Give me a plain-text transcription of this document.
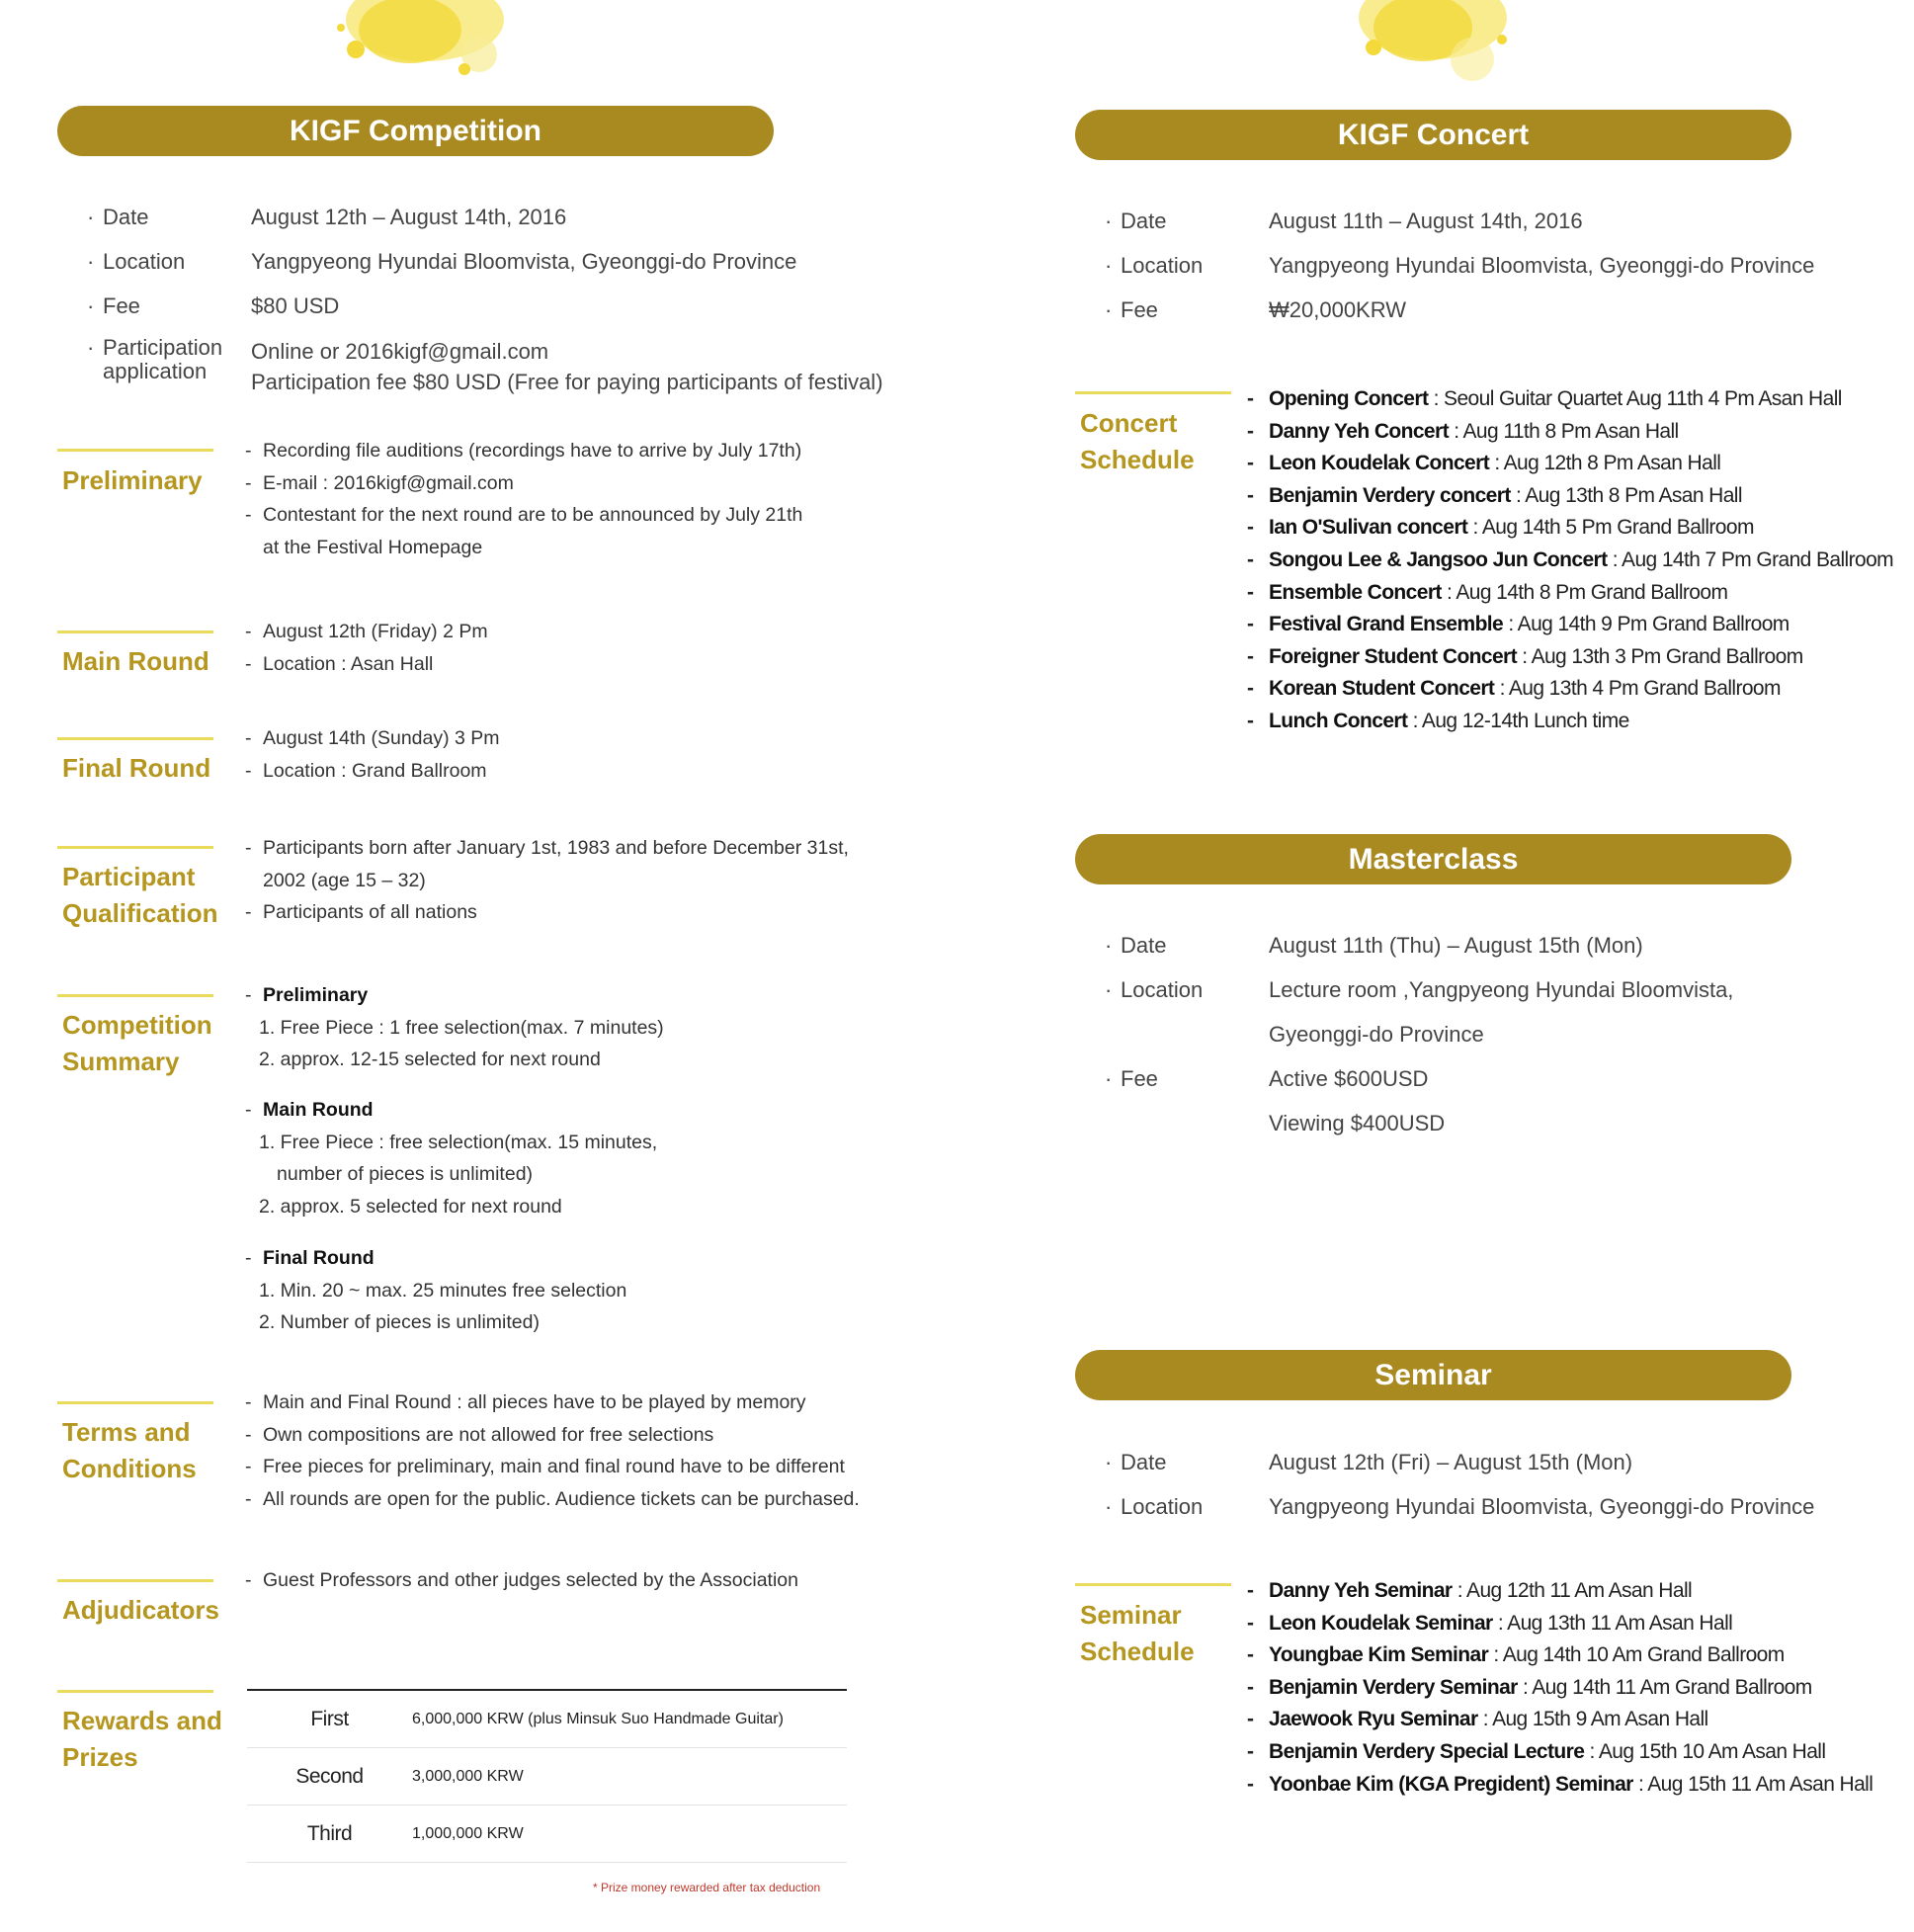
KIGF Competition
· Date	August 12th – August 14th, 2016
· Location	Yangpyeong Hyundai Bloomvista, Gyeonggi-do Province
· Fee	$80 USD
· Participation
application
Online or 2016kigf@gmail.com
Participation fee $80 USD (Free for paying participants of festival)
Preliminary
- Recording file auditions (recordings have to arrive by July 17th)
- E-mail : 2016kigf@gmail.com
- Contestant for the next round are to be announced by July 21th
at the Festival Homepage
Main Round
- August 12th (Friday) 2 Pm
- Location : Asan Hall
Final Round
- August 14th (Sunday) 3 Pm
- Location : Grand Ballroom
Participant
Qualification
- Participants born after January 1st, 1983 and before December 31st,
2002 (age 15 – 32)
- Participants of all nations
Competition
Summary
- Preliminary
1. Free Piece : 1 free selection(max. 7 minutes)
2. approx. 12-15 selected for next round
- Main Round
1. Free Piece : free selection(max. 15 minutes,
number of pieces is unlimited)
2. approx. 5 selected for next round
- Final Round
1. Min. 20 ~ max. 25 minutes free selection
2. Number of pieces is unlimited)
Terms and
Conditions
- Main and Final Round : all pieces have to be played by memory
- Own compositions are not allowed for free selections
- Free pieces for preliminary, main and final round have to be different
- All rounds are open for the public. Audience tickets can be purchased.
Adjudicators
- Guest Professors and other judges selected by the Association
Rewards and
Prizes
First	6,000,000 KRW (plus Minsuk Suo Handmade Guitar)
Second	3,000,000 KRW
Third	1,000,000 KRW
* Prize money rewarded after tax deduction
KIGF Concert
· Date	August 11th – August 14th, 2016
· Location	Yangpyeong Hyundai Bloomvista, Gyeonggi-do Province
· Fee	₩20,000KRW
Concert
Schedule
- Opening Concert : Seoul Guitar Quartet Aug 11th 4 Pm Asan Hall
- Danny Yeh Concert : Aug 11th 8 Pm Asan Hall
- Leon Koudelak Concert : Aug 12th 8 Pm Asan Hall
- Benjamin Verdery concert : Aug 13th 8 Pm Asan Hall
- Ian O'Sulivan concert : Aug 14th 5 Pm Grand Ballroom
- Songou Lee & Jangsoo Jun Concert : Aug 14th 7 Pm Grand Ballroom
- Ensemble Concert : Aug 14th 8 Pm Grand Ballroom
- Festival Grand Ensemble : Aug 14th 9 Pm Grand Ballroom
- Foreigner Student Concert : Aug 13th 3 Pm Grand Ballroom
- Korean Student Concert : Aug 13th 4 Pm Grand Ballroom
- Lunch Concert : Aug 12-14th Lunch time
Masterclass
· Date	August 11th (Thu) – August 15th (Mon)
· Location	Lecture room ,Yangpyeong Hyundai Bloomvista,
Gyeonggi-do Province
· Fee	Active $600USD
Viewing $400USD
Seminar
· Date	August 12th (Fri) – August 15th (Mon)
· Location	Yangpyeong Hyundai Bloomvista, Gyeonggi-do Province
Seminar
Schedule
- Danny Yeh Seminar : Aug 12th 11 Am Asan Hall
- Leon Koudelak Seminar : Aug 13th 11 Am Asan Hall
- Youngbae Kim Seminar : Aug 14th 10 Am Grand Ballroom
- Benjamin Verdery Seminar : Aug 14th 11 Am Grand Ballroom
- Jaewook Ryu Seminar : Aug 15th 9 Am Asan Hall
- Benjamin Verdery Special Lecture : Aug 15th 10 Am Asan Hall
- Yoonbae Kim (KGA Pregident) Seminar : Aug 15th 11 Am Asan Hall
